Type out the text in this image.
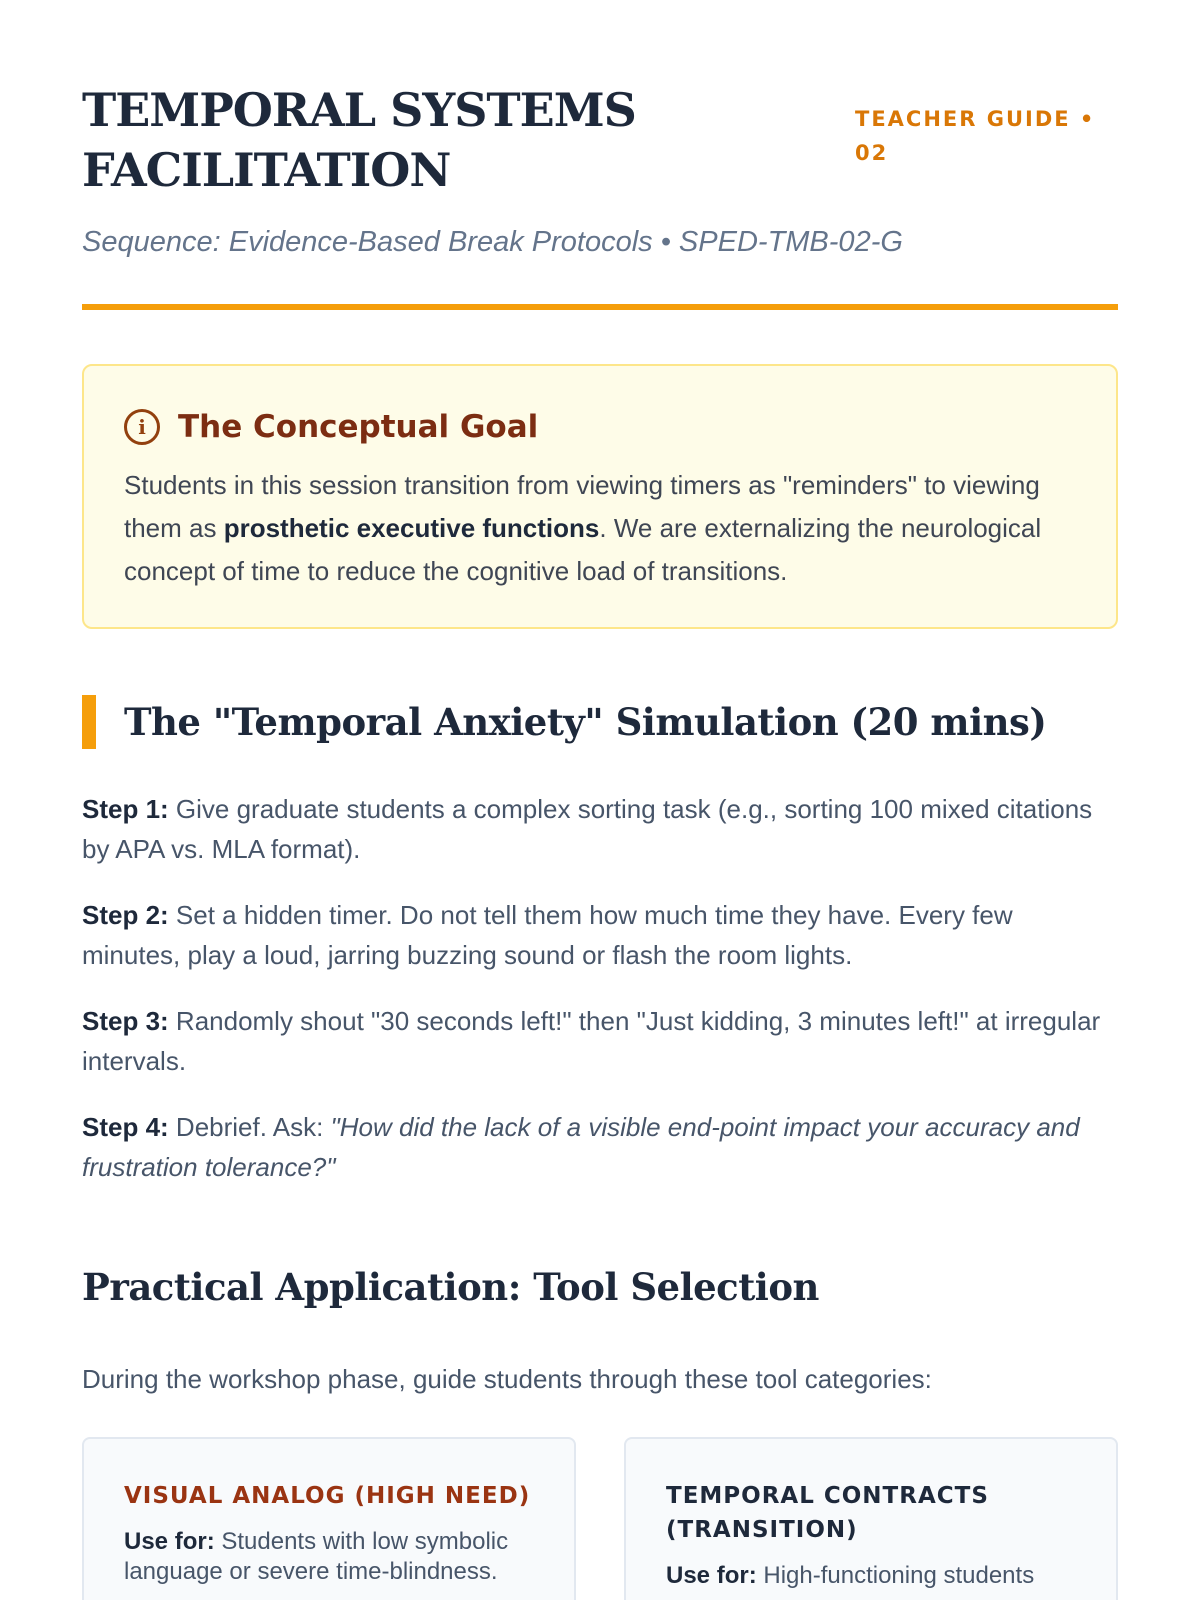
TEMPORAL SYSTEMS FACILITATION
TEACHER GUIDE • 02
Sequence: Evidence-Based Break Protocols • SPED-TMB-02-G
i	The Conceptual Goal

Students in this session transition from viewing timers as "reminders" to viewing them as prosthetic executive functions. We are externalizing the neurological concept of time to reduce the cognitive load of transitions.

The "Temporal Anxiety" Simulation (20 mins)

Step 1: Give graduate students a complex sorting task (e.g., sorting 100 mixed citations by APA vs. MLA format).

Step 2: Set a hidden timer. Do not tell them how much time they have. Every few minutes, play a loud, jarring buzzing sound or flash the room lights.

Step 3: Randomly shout "30 seconds left!" then "Just kidding, 3 minutes left!" at irregular intervals.

Step 4: Debrief. Ask: "How did the lack of a visible end-point impact your accuracy and frustration tolerance?"

Practical Application: Tool Selection

During the workshop phase, guide students through these tool categories:

VISUAL ANALOG (HIGH NEED)

Use for: Students with low symbolic language or severe time-blindness.

TEMPORAL CONTRACTS (TRANSITION)

Use for: High-functioning students
